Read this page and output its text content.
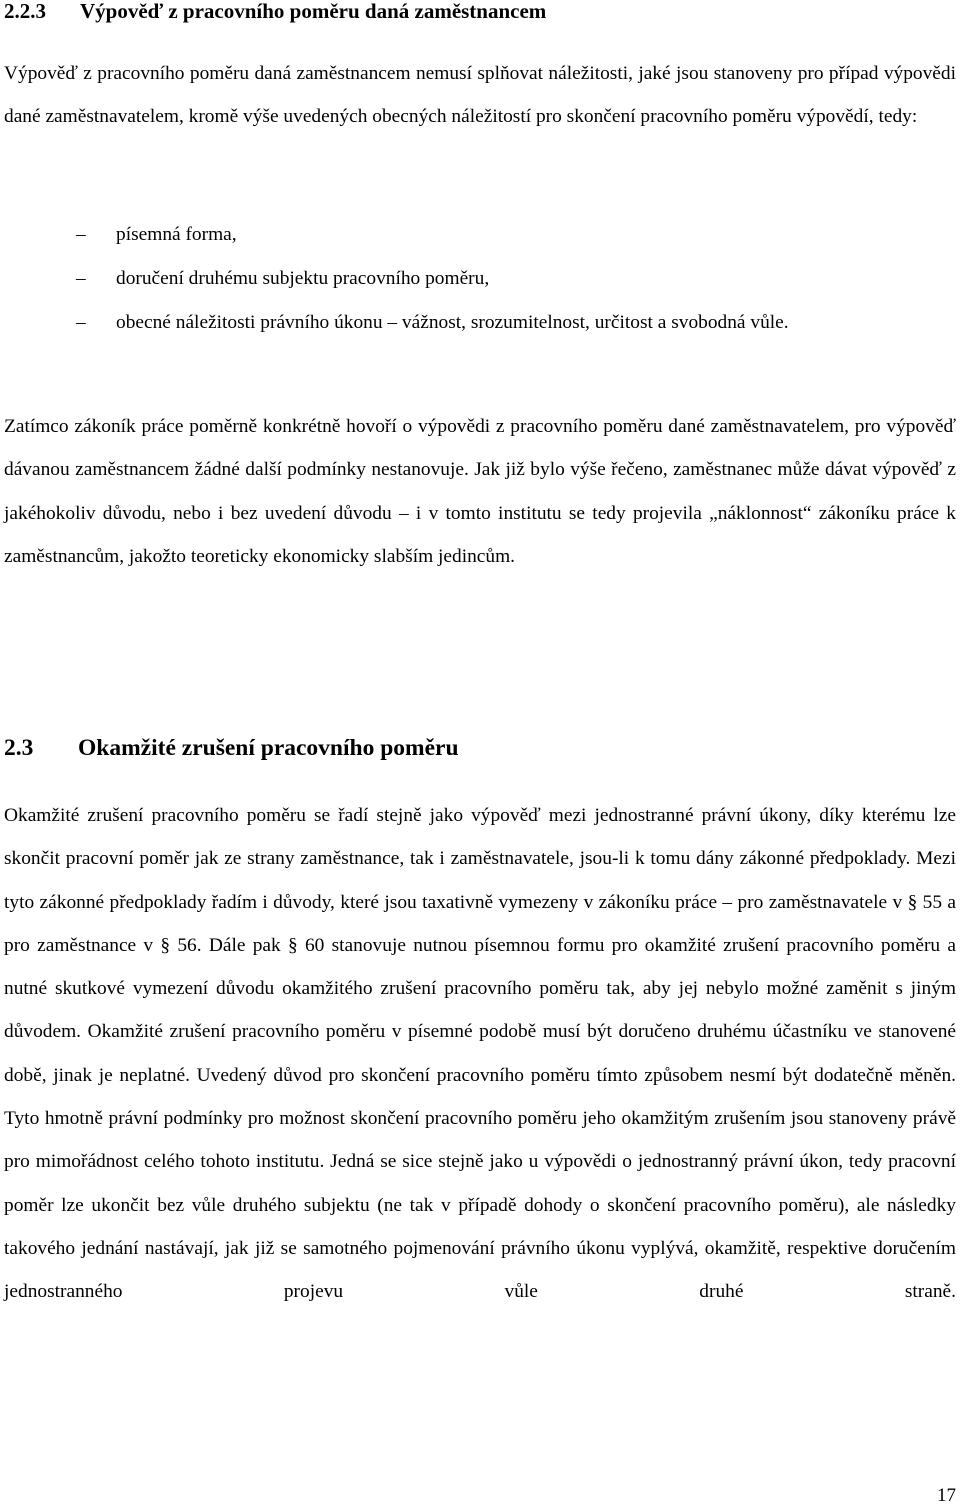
2.2.3 Výpověď z pracovního poměru daná zaměstnancem

Výpověď z pracovního poměru daná zaměstnancem nemusí splňovat náležitosti, jaké jsou stanoveny pro případ výpovědi dané zaměstnavatelem, kromě výše uvedených obecných náležitostí pro skončení pracovního poměru výpovědí, tedy:

– písemná forma,
– doručení druhému subjektu pracovního poměru,
– obecné náležitosti právního úkonu – vážnost, srozumitelnost, určitost a svobodná vůle.

Zatímco zákoník práce poměrně konkrétně hovoří o výpovědi z pracovního poměru dané zaměstnavatelem, pro výpověď dávanou zaměstnancem žádné další podmínky nestanovuje. Jak již bylo výše řečeno, zaměstnanec může dávat výpověď z jakéhokoliv důvodu, nebo i bez uvedení důvodu – i v tomto institutu se tedy projevila „náklonnost“ zákoníku práce k zaměstnancům, jakožto teoreticky ekonomicky slabším jedincům.

2.3 Okamžité zrušení pracovního poměru

Okamžité zrušení pracovního poměru se řadí stejně jako výpověď mezi jednostranné právní úkony, díky kterému lze skončit pracovní poměr jak ze strany zaměstnance, tak i zaměstnavatele, jsou-li k tomu dány zákonné předpoklady. Mezi tyto zákonné předpoklady řadím i důvody, které jsou taxativně vymezeny v zákoníku práce – pro zaměstnavatele v § 55 a pro zaměstnance v § 56. Dále pak § 60 stanovuje nutnou písemnou formu pro okamžité zrušení pracovního poměru a nutné skutkové vymezení důvodu okamžitého zrušení pracovního poměru tak, aby jej nebylo možné zaměnit s jiným důvodem. Okamžité zrušení pracovního poměru v písemné podobě musí být doručeno druhému účastníku ve stanovené době, jinak je neplatné. Uvedený důvod pro skončení pracovního poměru tímto způsobem nesmí být dodatečně měněn. Tyto hmotně právní podmínky pro možnost skončení pracovního poměru jeho okamžitým zrušením jsou stanoveny právě pro mimořádnost celého tohoto institutu. Jedná se sice stejně jako u výpovědi o jednostranný právní úkon, tedy pracovní poměr lze ukončit bez vůle druhého subjektu (ne tak v případě dohody o skončení pracovního poměru), ale následky takového jednání nastávají, jak již se samotného pojmenování právního úkonu vyplývá, okamžitě, respektive doručením jednostranného projevu vůle druhé straně.

17
